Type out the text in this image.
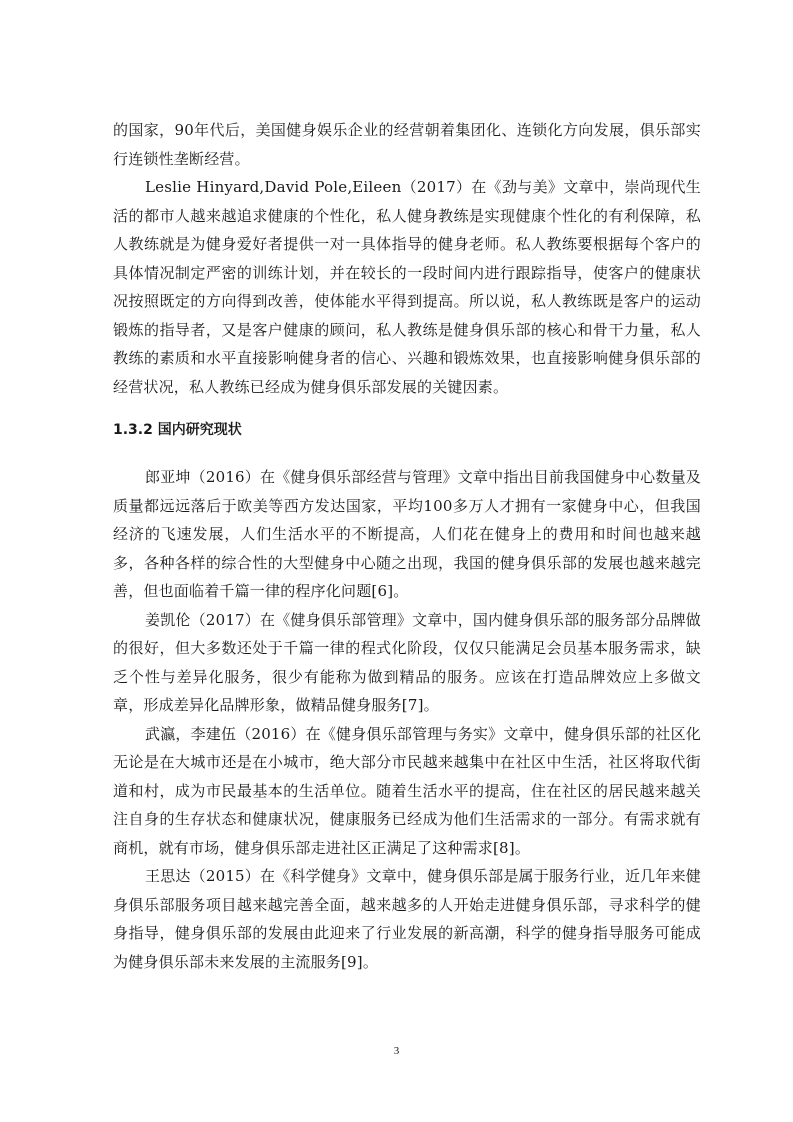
的国家，90年代后，美国健身娱乐企业的经营朝着集团化、连锁化方向发展，俱乐部实行连锁性垄断经营。

Leslie Hinyard,David Pole,Eileen（2017）在《劲与美》文章中，崇尚现代生活的都市人越来越追求健康的个性化，私人健身教练是实现健康个性化的有利保障，私人教练就是为健身爱好者提供一对一具体指导的健身老师。私人教练要根据每个客户的具体情况制定严密的训练计划，并在较长的一段时间内进行跟踪指导，使客户的健康状况按照既定的方向得到改善，使体能水平得到提高。所以说，私人教练既是客户的运动锻炼的指导者，又是客户健康的顾问，私人教练是健身俱乐部的核心和骨干力量，私人教练的素质和水平直接影响健身者的信心、兴趣和锻炼效果，也直接影响健身俱乐部的经营状况，私人教练已经成为健身俱乐部发展的关键因素。

1.3.2 国内研究现状

郎亚坤（2016）在《健身俱乐部经营与管理》文章中指出目前我国健身中心数量及质量都远远落后于欧美等西方发达国家，平均100多万人才拥有一家健身中心，但我国经济的飞速发展，人们生活水平的不断提高，人们花在健身上的费用和时间也越来越多，各种各样的综合性的大型健身中心随之出现，我国的健身俱乐部的发展也越来越完善，但也面临着千篇一律的程序化问题[6]。

姜凯伦（2017）在《健身俱乐部管理》文章中，国内健身俱乐部的服务部分品牌做的很好，但大多数还处于千篇一律的程式化阶段，仅仅只能满足会员基本服务需求，缺乏个性与差异化服务，很少有能称为做到精品的服务。应该在打造品牌效应上多做文章，形成差异化品牌形象，做精品健身服务[7]。

武瀛，李建伍（2016）在《健身俱乐部管理与务实》文章中，健身俱乐部的社区化无论是在大城市还是在小城市，绝大部分市民越来越集中在社区中生活，社区将取代街道和村，成为市民最基本的生活单位。随着生活水平的提高，住在社区的居民越来越关注自身的生存状态和健康状况，健康服务已经成为他们生活需求的一部分。有需求就有商机，就有市场，健身俱乐部走进社区正满足了这种需求[8]。

王思达（2015）在《科学健身》文章中，健身俱乐部是属于服务行业，近几年来健身俱乐部服务项目越来越完善全面，越来越多的人开始走进健身俱乐部，寻求科学的健身指导，健身俱乐部的发展由此迎来了行业发展的新高潮，科学的健身指导服务可能成为健身俱乐部未来发展的主流服务[9]。

3
